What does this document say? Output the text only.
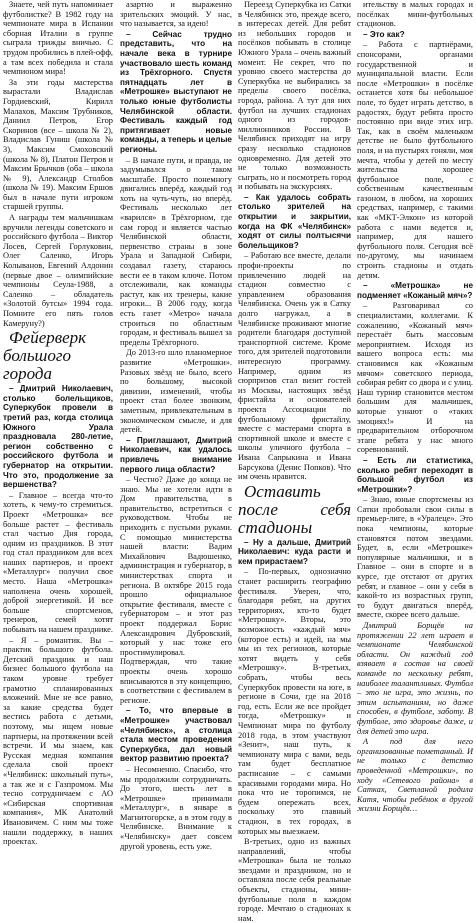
Знаете, чей путь напоминает футболистке? В 1982 году на чемпионате мира в Испании сборная Италии в группе сыграла трижды вничью. С трудом пробились в плей-офф, а там всех победила и стала чемпионом мира!

За эти годы мастерства вырастали Владислав Гордиевский, Кирилл Малахов, Максим Трубников, Даниил Петров, Егор Скоринов (все – школа № 2), Владислав Гуниш (школа № 3), Максим Смоховский (школа № 8), Платон Петров и Максим Брычков (оба – школа № 9), Александр Столбов (школа № 19). Максим Ершов был в начале пути игроком старшей группы.

А награды тем мальчишкам вручили легенды советского и российского футбола – Виктор Лосев, Сергей Горлуковин, Олег Саленко, Игорь Колыванов, Евгений Алдонин (первые двое – олимпийские чемпионы Сеула-1988, а Саленко – обладатель «Золотой бутсы» 1994 года. Помните его пять голов Камеруну?)

Фейерверк большого города

– Дмитрий Николаевич, столько болельщиков, Суперкубок провели в третий раз, когда столица Южного Урала праздновала 280-летие, регион собственно с российского футбола и губернатор на открытии. Что это, продолжение за вершенства?

– Главное – всегда что-то хотеть, к чему-то стремиться. Проект «Метрошка» все больше растет – фестиваль стал частью Дня города, одним из праздников. В этот год стал праздником для всех наших партнеров, и проект «Металлург» получил свое место. Наша «Метрошка» наполнена очень хорошей, доброй энергетикой. И все больше спортсменов, тренеров, семей хотят побывать на нашем празднике.

– Я – романтик. Вы – практик большого футбола. Детский праздник и наш бизнес большого футбола на таком уровне требует грамотно спланированных вложений. Мне не все равно, за какие средства будет вестись работа с детьми, поэтому, мы ищем новые партнеры, на протяжении всей встречи. И мы знаем, как Русская медная компания сделала свой проект «Челябинск: школьный путь», а так же и с Газпромом. Мы тесно сотрудничаем с АО «Сибирская спортивная компания», МК Анатолий Ивановичем. С ним мы тоже нашли поддержку, в наших проектах.

азартно и выраженно зрительских эмоций. У нас, что называется, за идею!

– Сейчас трудно представить, что на начале века в турнире участвовало шесть команд из Трёхгорного. Спустя пятнадцать лет в «Метрошке» выступают не только юные футболисты Челябинской области. Фестиваль каждый год притягивает новые команды, а теперь и целые регионы.

– В начале пути, и правда, не задумывался о таком масштабе. Просто понемногу двигались вперёд, каждый год хоть на чуть-чуть, но вперёд. Фестиваль несколько лет «варился» в Трёхгорном, где сам город и является частью Челябинской области, первенство страны в зоне Урала и Западной Сибири, создавал газету, стараюсь вести ее в таком ключе. Потом отслеживали, как команды растут, как их тренеры, какие игроки... В 2006 году, когда есть газет «Метро» начала строиться по областным городам, и фестиваль вышел за пределы Трёхгорного.

До 2013-го шло планомерное развитие «Метрошки». Разовых звёзд не было, всего по большому, высокой дивизии, изменений, чтобы проект стал более звонким, заметным, привлекательным в экономическом смысле, и для детей.

– Приглашают, Дмитрий Николаевич, как удалось привлечь внимание первого лица области?

– Честно? Даже до конца не знаю. Мы не хотели идти в Дом правительства, в правительство, встретиться с руководством. Чтобы не приходить с пустыми руками. С помощью министерства нашей власти: Вадим Михайлович Вадюшенко, администрация и губернатор, в министерствах спорта и региона. В октябре 2015 года прошло официальное открытие фестиваля, вместе с губернатором – и этот раз проект поддержал Борис Александрович Дубровский, который у нас тоже его простимулировал. Подтверждая, что такие проекты очень хорошо вписываются в эту концепцию, в соответствии с фестивалем в регионе.

– То, что впервые в «Метрошке» участвовал «Челябинск», а столица стала местом проведения Суперкубка, дал новый вектор развитию проекта?

– Несомненно. Спасибо, что мы продолжили сотрудничать. До этого, шесть лет в «Метрошке» принимали «Металлург», в январе в Магнитогорске, а в этом году в Челябинске. Внимание к «Челябинску» дает совсем другой уровень, есть уже.

Переезд Суперкубка из Сатки в Челябинск это, прежде всего, в интересах детей. Для ребят из небольших городов и посёлков побывать в столице Южного Урала – очень важный момент. Не секрет, что по уровню своего мастерства до Суперкубка не выбирались за пределы своего посёлка, города, района. А тут для них футбол на лучших стадионах одного из городов-миллионников России. В Челябинск приходят на игру сразу несколько стадионов одновременно. Для детей это не только возможность сыграть, но и посмотреть город и побывать на экскурсиях.

– Как удалось собрать столько зрителей на открытии и закрытии, когда на ФК «Челябинск» ходят от силы полтысячи болельщиков?

– Работаю все вместе, делали профи-проекты по привлечению людей на стадион совместно с управлением образования Челябинска. Очень уж я Сатку долго нагружал, а в Челябинске проживают многие родители благодаря доступной транспортной системе. Кроме того, для зрителей подготовили интересную программу. Например, одним из сюрпризов стал визит гостей из Москвы, настоящих звёзд фристайла и основателей проекта Ассоциации по футбольному фристайлу, вместе с мастерами спорта в спортивной школе и вместе с школы уличного футбола – Ивана Сапрыкина и Ивана Барсукова (Денис Попков). Что им очень нравится.

Оставить после себя стадионы

– Ну а дальше, Дмитрий Николаевич: куда расти и кем прирастаем?

– По-первых, однозначно станет расширить географию фестиваля. Уверен, что, благодаря ребят, на других территориях, кто-то будет «Метрошку». Вторы, это возможность «каждый мяч» (которое есть) и идей, на мы мы из тех регионов, которые хотят видеть у себя «Метрошку». В-третьих, собрать, чтобы весь Суперкубок провести на юге, в регионе в Сочи, где на 2018 год, есть. Если же все пройдет тогда, «Метрошку» и Чемпионат мира по футболу 2018 года, в этом участвуют «Зенит», наш путь, к чемпионату мира с вами, ведь там будет бесплатное расписание – с самыми красивыми городами мира. Но пока что не торопимся, не будем опережать всех, поскольку это главный стадион, в тех городах, в которых мы выезжаем.

В-третьих, одно из важных направлений, чтобы «Метрошка» была не только звездами и праздником, но и оставляла после себя реальные объекты, стадионы, мини-футбольные поля в каждом городе. Мечтаю о стадионах к нам.

ительству в малых городах и посёлках мини-футбольных стадионов.

– Это как?

– Работа с партнёрами, спонсорами, органами государственной и муниципальной власти. Если после «Метрошки» в посёлке останется хотя бы небольшое поле, то будет играть детство, в радостях, будут ребята просто постоянно при виде этих игр. Так, как в своём маленьком детстве не было футбольного поля, и на пустырях гоняли, моя мечта, чтобы у детей по месту жительства хорошее футбольное поле, с собственным качественным газоном, в любом, на хороших средствах, например, с такими как «МКТ-Элкон» из которой работа с нами ведется и, например, для нашего футбольного поля. Сегодня всё по-другому, мы начинаем строить стадионы и отдать детям.

– «Метрошка» не подменяет «Кожаный мяч»?

– Разговаривал со специалистами, коллегами. К сожалению, «Кожаный мяч» перестаёт быть массовым мероприятием. Исходя из вашего вопроса есть: мы становимся как «Кожаным мячом» советского периода, собирая ребят со двора и с улиц. Наш турнир становится местом большим для мальчишек, которые узнают о «таких эмоциях!» И на предварительном отборочном этапе ребята у нас много соревнований.

– Есть ли статистика, сколько ребят переходят в большой футбол из «Метрошки»?

– Знаю, юные спортсмены из Сатки пробовали свои силы в премьер-лиге, в «Уралеце». Это пока чемпионы, которые становятся потом звездами. Будет, в, если «Метрошке» популярные мальчишки, и в Главное – они в спорте и в курсе, где отстают от других ребят, и главное – они у себя в какой-то из возрастных групп, то будут двигаться вперёд, вместе, скорее всего дальше.

Дмитрий Борщёв на протяжении 22 лет играет в чемпионате Челябинской области. Он каждый год взявает в состав на своей команде по нескольку ребят, наиболее талантливых. Футбол – это не игра, это жизнь, по этим испытаниям, но даже способен, в футболе, заботу. В футболе, это здоровье даже, и для детей это игра.

А под для него организованные пометанный. И не только с детство проведенной «Метрошки», по ходу «Сетевого района» в Сатках, Светланой родила Катя, чтобы ребёнок в другой жизни Борщёв…
